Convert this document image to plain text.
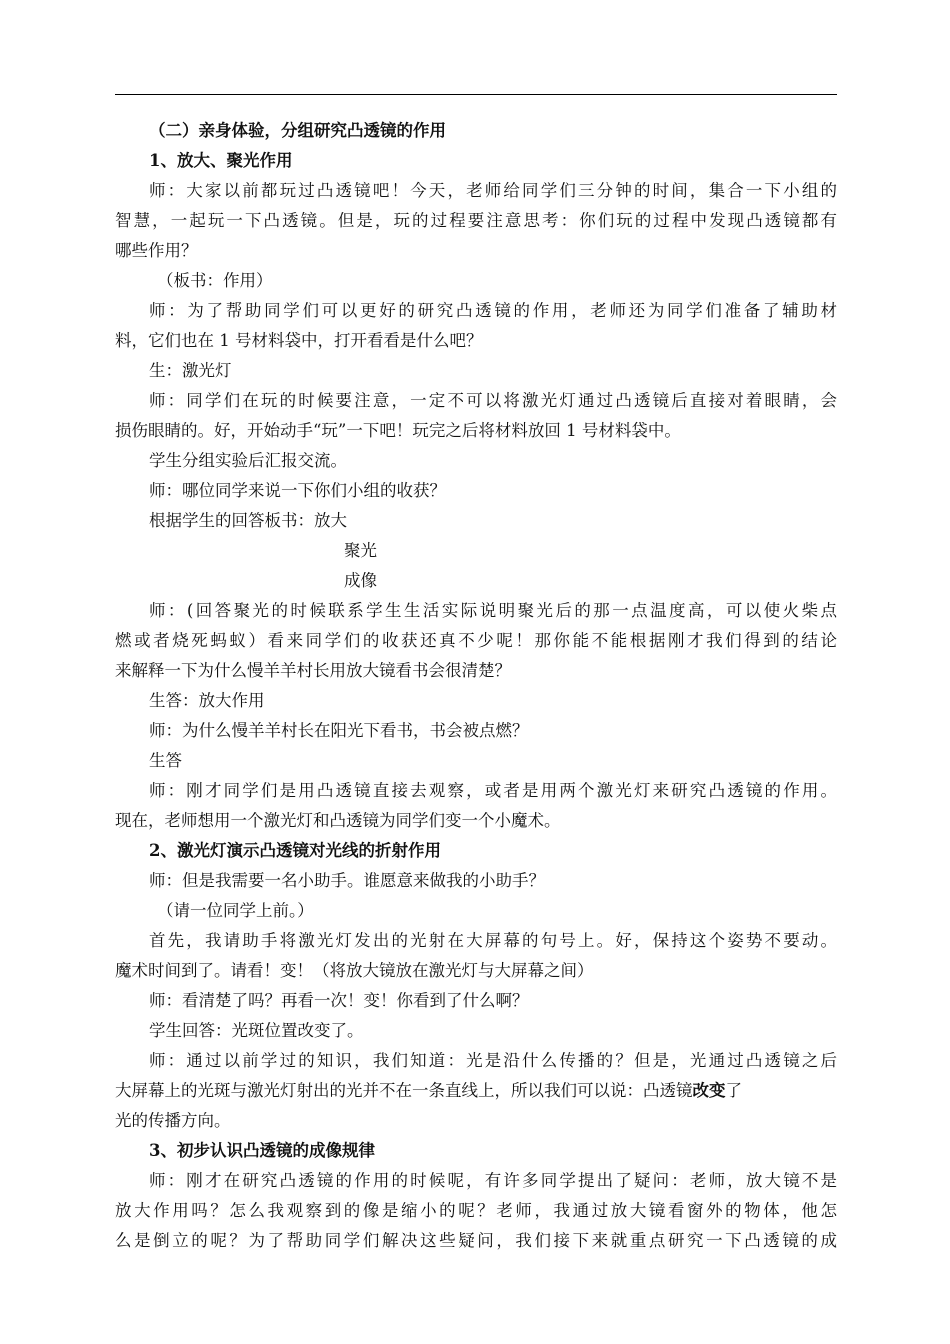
（二）亲身体验，分组研究凸透镜的作用
1、放大、聚光作用
师：大家以前都玩过凸透镜吧！今天，老师给同学们三分钟的时间，集合一下小组的
智慧，一起玩一下凸透镜。但是，玩的过程要注意思考：你们玩的过程中发现凸透镜都有
哪些作用？
（板书：作用）
师：为了帮助同学们可以更好的研究凸透镜的作用，老师还为同学们准备了辅助材
料，它们也在 1 号材料袋中，打开看看是什么吧？
生：激光灯
师：同学们在玩的时候要注意，一定不可以将激光灯通过凸透镜后直接对着眼睛，会
损伤眼睛的。好，开始动手“玩”一下吧！玩完之后将材料放回 1 号材料袋中。
学生分组实验后汇报交流。
师：哪位同学来说一下你们小组的收获？
根据学生的回答板书：放大
聚光
成像
师：(回答聚光的时候联系学生生活实际说明聚光后的那一点温度高，可以使火柴点
燃或者烧死蚂蚁）看来同学们的收获还真不少呢！那你能不能根据刚才我们得到的结论
来解释一下为什么慢羊羊村长用放大镜看书会很清楚？
生答：放大作用
师：为什么慢羊羊村长在阳光下看书，书会被点燃？
生答
师：刚才同学们是用凸透镜直接去观察，或者是用两个激光灯来研究凸透镜的作用。
现在，老师想用一个激光灯和凸透镜为同学们变一个小魔术。
2、激光灯演示凸透镜对光线的折射作用
师：但是我需要一名小助手。谁愿意来做我的小助手？
（请一位同学上前。）
首先，我请助手将激光灯发出的光射在大屏幕的句号上。好，保持这个姿势不要动。
魔术时间到了。请看！变！（将放大镜放在激光灯与大屏幕之间）
师：看清楚了吗？再看一次！变！你看到了什么啊？
学生回答：光斑位置改变了。
师：通过以前学过的知识，我们知道：光是沿什么传播的？但是，光通过凸透镜之后
大屏幕上的光斑与激光灯射出的光并不在一条直线上，所以我们可以说：凸透镜改变了
光的传播方向。
3、初步认识凸透镜的成像规律
师：刚才在研究凸透镜的作用的时候呢，有许多同学提出了疑问：老师，放大镜不是
放大作用吗？怎么我观察到的像是缩小的呢？老师，我通过放大镜看窗外的物体，他怎
么是倒立的呢？为了帮助同学们解决这些疑问，我们接下来就重点研究一下凸透镜的成
